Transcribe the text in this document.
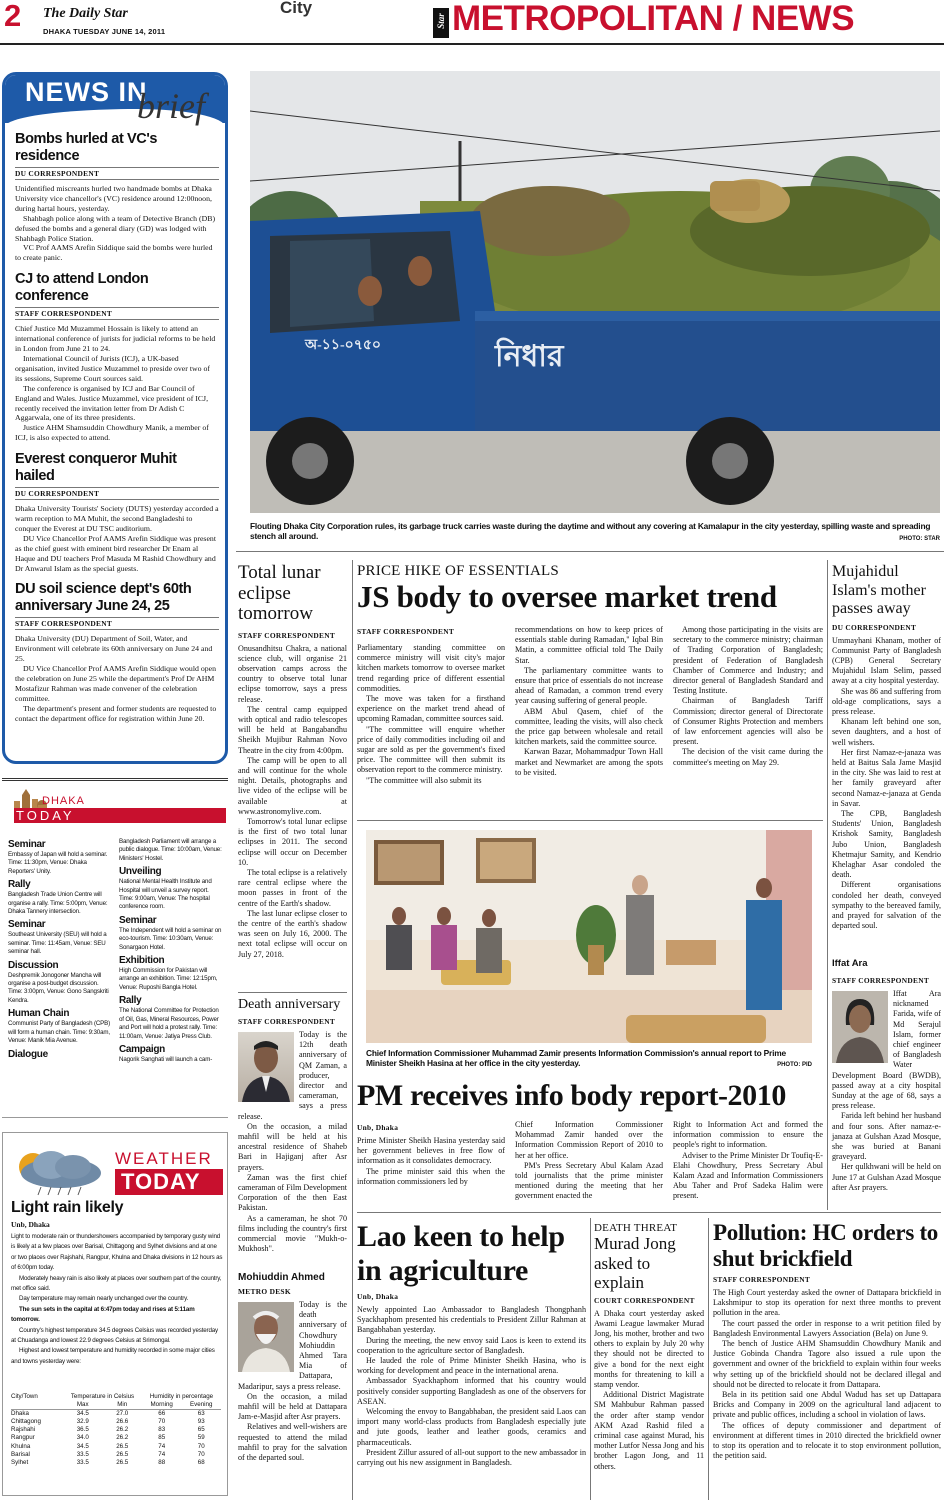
2 The Daily Star
DHAKA TUESDAY JUNE 14, 2011
City
Star METROPOLITAN / NEWS
NEWS IN
brief
Bombs hurled at VC's residence
DU CORRESPONDENT

Unidentified miscreants hurled two handmade bombs at Dhaka University vice chancellor's (VC) residence around 12:00noon, during hartal hours, yesterday.

Shahbagh police along with a team of Detective Branch (DB) defused the bombs and a general diary (GD) was lodged with Shahbagh Police Station.

VC Prof AAMS Arefin Siddique said the bombs were hurled to create panic.

CJ to attend London conference
STAFF CORRESPONDENT

Chief Justice Md Muzammel Hossain is likely to attend an international conference of jurists for judicial reforms to be held in London from June 21 to 24.

International Council of Jurists (ICJ), a UK-based organisation, invited Justice Muzammel to preside over two of its sessions, Supreme Court sources said.

The conference is organised by ICJ and Bar Council of England and Wales. Justice Muzammel, vice president of ICJ, recently received the invitation letter from Dr Adish C Aggarwala, one of its three presidents.

Justice AHM Shamsuddin Chowdhury Manik, a member of ICJ, is also expected to attend.

Everest conqueror Muhit hailed
DU CORRESPONDENT

Dhaka University Tourists' Society (DUTS) yesterday accorded a warm reception to MA Muhit, the second Bangladeshi to conquer the Everest at DU TSC auditorium.

DU Vice Chancellor Prof AAMS Arefin Siddique was present as the chief guest with eminent bird researcher Dr Enam al Haque and DU teachers Prof Masuda M Rashid Chowdhury and Dr Anwarul Islam as the special guests.

DU soil science dept's 60th anniversary June 24, 25
STAFF CORRESPONDENT

Dhaka University (DU) Department of Soil, Water, and Environment will celebrate its 60th anniversary on June 24 and 25.

DU Vice Chancellor Prof AAMS Arefin Siddique would open the celebration on June 25 while the department's Prof Dr AHM Mostafizur Rahman was made convener of the celebration committee.

The department's present and former students are requested to contact the department office for registration within June 20.

DHAKA
TODAY
Seminar

Embassy of Japan will hold a seminar. Time: 11:30pm, Venue: Dhaka Reporters' Unity.

Rally

Bangladesh Trade Union Centre will organise a rally. Time: 5:00pm, Venue: Dhaka Tannery intersection.

Seminar

Southeast University (SEU) will hold a seminar. Time: 11:45am, Venue: SEU seminar hall.

Discussion

Deshpremik Jonogoner Mancha will organise a post-budget discussion. Time: 3:00pm, Venue: Gono Sangskriti Kendra.

Human Chain

Communist Party of Bangladesh (CPB) will form a human chain. Time: 9:30am, Venue: Manik Mia Avenue.

Dialogue

Bangladesh Parliament will arrange a public dialogue. Time: 10:00am, Venue: Ministers' Hostel.

Unveiling

National Mental Health Institute and Hospital will unveil a survey report. Time: 9:00am, Venue: The hospital conference room.

Seminar

The Independent will hold a seminar on eco-tourism. Time: 10:30am, Venue: Sonargaon Hotel.

Exhibition

High Commission for Pakistan will arrange an exhibition. Time: 12:15pm, Venue: Ruposhi Bangla Hotel.

Rally

The National Committee for Protection of Oil, Gas, Mineral Resources, Power and Port will hold a protest rally. Time: 11:00am, Venue: Jatiya Press Club.

Campaign

Nagorik Sanghati will launch a cam-

WEATHER
TODAY
Light rain likely
Unb, Dhaka

Light to moderate rain or thundershowers accompanied by temporary gusty wind is likely at a few places over Barisal, Chittagong and Sylhet divisions and at one or two places over Rajshahi, Rangpur, Khulna and Dhaka divisions in 12 hours as of 6:00pm today.

Moderately heavy rain is also likely at places over southern part of the country, met office said.

Day temperature may remain nearly unchanged over the country.

The sun sets in the capital at 6:47pm today and rises at 5:11am tomorrow.

Country's highest temperature 34.5 degrees Celsius was recorded yesterday at Chuadanga and lowest 22.9 degrees Celsius at Srimongal.

Highest and lowest temperature and humidity recorded in some major cities and towns yesterday were:

City/Town	Temperature in Celsius		Humidity in percentage	
	Max	Min	Morning	Evening
Dhaka	34.5	27.0	66	63
Chittagong	32.9	26.6	70	93
Rajshahi	36.5	26.2	83	65
Rangpur	34.0	26.2	85	59
Khulna	34.5	26.5	74	70
Barisal	33.5	26.5	74	70
Sylhet	33.5	26.5	88	68
নিধার
অ-১১-০৭৫০
Flouting Dhaka City Corporation rules, its garbage truck carries waste during the daytime and without any covering at Kamalapur in the city yesterday, spilling waste and spreading stench all around.	PHOTO: STAR
Total lunar eclipse tomorrow
STAFF CORRESPONDENT

Onusandhitsu Chakra, a national science club, will organise 21 observation camps across the country to observe total lunar eclipse tomorrow, says a press release.

The central camp equipped with optical and radio telescopes will be held at Bangabandhu Sheikh Mujibur Rahman Novo Theatre in the city from 4:00pm.

The camp will be open to all and will continue for the whole night. Details, photographs and live video of the eclipse will be available at www.astronomylive.com.

Tomorrow's total lunar eclipse is the first of two total lunar eclipses in 2011. The second eclipse will occur on December 10.

The total eclipse is a relatively rare central eclipse where the moon passes in front of the centre of the Earth's shadow.

The last lunar eclipse closer to the centre of the earth's shadow was seen on July 16, 2000. The next total eclipse will occur on July 27, 2018.

Death anniversary
STAFF CORRESPONDENT

Today is the 12th death anniversary of QM Zaman, a producer, director and cameraman, says a press release.

On the occasion, a milad mahfil will be held at his ancestral residence of Shaheb Bari in Hajiganj after Asr prayers.

Zaman was the first chief cameraman of Film Development Corporation of the then East Pakistan.

As a cameraman, he shot 70 films including the country's first commercial movie "Mukh-o-Mukhosh".

Mohiuddin Ahmed
METRO DESK

Today is the death anniversary of Chowdhury Mohiuddin Ahmed Tara Mia of Dattapara, Madaripur, says a press release.

On the occasion, a milad mahfil will be held at Dattapara Jam-e-Masjid after Asr prayers.

Relatives and well-wishers are requested to attend the milad mahfil to pray for the salvation of the departed soul.

PRICE HIKE OF ESSENTIALS
JS body to oversee market trend
STAFF CORRESPONDENT

Parliamentary standing committee on commerce ministry will visit city's major kitchen markets tomorrow to oversee market trend regarding price of different essential commodities.

The move was taken for a firsthand experience on the market trend ahead of upcoming Ramadan, committee sources said.

"The committee will enquire whether price of daily commodities including oil and sugar are sold as per the government's fixed price. The committee will then submit its observation report to the commerce ministry.

"The committee will also submit its

recommendations on how to keep prices of essentials stable during Ramadan," Iqbal Bin Matin, a committee official told The Daily Star.

The parliamentary committee wants to ensure that price of essentials do not increase ahead of Ramadan, a common trend every year causing suffering of general people.

ABM Abul Qasem, chief of the committee, leading the visits, will also check the price gap between wholesale and retail kitchen markets, said the committee source.

Karwan Bazar, Mohammadpur Town Hall market and Newmarket are among the spots to be visited.

Among those participating in the visits are secretary to the commerce ministry; chairman of Trading Corporation of Bangladesh; president of Federation of Bangladesh Chamber of Commerce and Industry; and director general of Bangladesh Standard and Testing Institute.

Chairman of Bangladesh Tariff Commission; director general of Directorate of Consumer Rights Protection and members of law enforcement agencies will also be present.

The decision of the visit came during the committee's meeting on May 29.

Mujahidul Islam's mother passes away
DU CORRESPONDENT

Ummayhani Khanam, mother of Communist Party of Bangladesh (CPB) General Secretary Mujahidul Islam Selim, passed away at a city hospital yesterday.

She was 86 and suffering from old-age complications, says a press release.

Khanam left behind one son, seven daughters, and a host of well wishers.

Her first Namaz-e-janaza was held at Baitus Sala Jame Masjid in the city. She was laid to rest at her family graveyard after second Namaz-e-janaza at Genda in Savar.

The CPB, Bangladesh Students' Union, Bangladesh Krishok Samity, Bangladesh Jubo Union, Bangladesh Khetmajur Samity, and Kendrio Khelaghar Asar condoled the death.

Different organisations condoled her death, conveyed sympathy to the bereaved family, and prayed for salvation of the departed soul.

Iffat Ara
STAFF CORRESPONDENT

Iffat Ara nicknamed Farida, wife of Md Serajul Islam, former chief engineer of Bangladesh Water Development Board (BWDB), passed away at a city hospital Sunday at the age of 68, says a press release.

Farida left behind her husband and four sons. After namaz-e-janaza at Gulshan Azad Mosque, she was buried at Banani graveyard.

Her qulkhwani will be held on June 17 at Gulshan Azad Mosque after Asr prayers.

Chief Information Commissioner Muhammad Zamir presents Information Commission's annual report to Prime Minister Sheikh Hasina at her office in the city yesterday.	PHOTO: PID
PM receives info body report-2010
Unb, Dhaka

Prime Minister Sheikh Hasina yesterday said her government believes in free flow of information as it consolidates democracy.

The prime minister said this when the information commissioners led by

Chief Information Commissioner Mohammad Zamir handed over the Information Commission Report of 2010 to her at her office.

PM's Press Secretary Abul Kalam Azad told journalists that the prime minister mentioned during the meeting that her government enacted the

Right to Information Act and formed the information commission to ensure the people's right to information.

Adviser to the Prime Minister Dr Toufiq-E-Elahi Chowdhury, Press Secretary Abul Kalam Azad and Information Commissioners Abu Taher and Prof Sadeka Halim were present.

Lao keen to help in agriculture
Unb, Dhaka

Newly appointed Lao Ambassador to Bangladesh Thongphanh Syackhaphom presented his credentials to President Zillur Rahman at Bangabhaban yesterday.

During the meeting, the new envoy said Laos is keen to extend its cooperation to the agriculture sector of Bangladesh.

He lauded the role of Prime Minister Sheikh Hasina, who is working for development and peace in the international arena.

Ambassador Syackhaphom informed that his country would positively consider supporting Bangladesh as one of the observers for ASEAN.

Welcoming the envoy to Bangabhaban, the president said Laos can import many world-class products from Bangladesh especially jute and jute goods, leather and leather goods, ceramics and pharmaceuticals.

President Zillur assured of all-out support to the new ambassador in carrying out his new assignment in Bangladesh.

DEATH THREAT
Murad Jong asked to explain
COURT CORRESPONDENT

A Dhaka court yesterday asked Awami League lawmaker Murad Jong, his mother, brother and two others to explain by July 20 why they should not be directed to give a bond for the next eight months for threatening to kill a stamp vendor.

Additional District Magistrate SM Mahbubur Rahman passed the order after stamp vendor AKM Azad Rashid filed a criminal case against Murad, his mother Lutfor Nessa Jong and his brother Lagon Jong, and 11 others.

Pollution: HC orders to shut brickfield
STAFF CORRESPONDENT

The High Court yesterday asked the owner of Dattapara brickfield in Lakshmipur to stop its operation for next three months to prevent pollution in the area.

The court passed the order in response to a writ petition filed by Bangladesh Environmental Lawyers Association (Bela) on June 9.

The bench of Justice AHM Shamsuddin Chowdhury Manik and Justice Gobinda Chandra Tagore also issued a rule upon the government and owner of the brickfield to explain within four weeks why setting up of the brickfield should not be declared illegal and should not be directed to relocate it from Dattapara.

Bela in its petition said one Abdul Wadud has set up Dattapara Bricks and Company in 2009 on the agricultural land adjacent to private and public offices, including a school in violation of laws.

The offices of deputy commissioner and department of environment at different times in 2010 directed the brickfield owner to stop its operation and to relocate it to stop environment pollution, the petition said.
